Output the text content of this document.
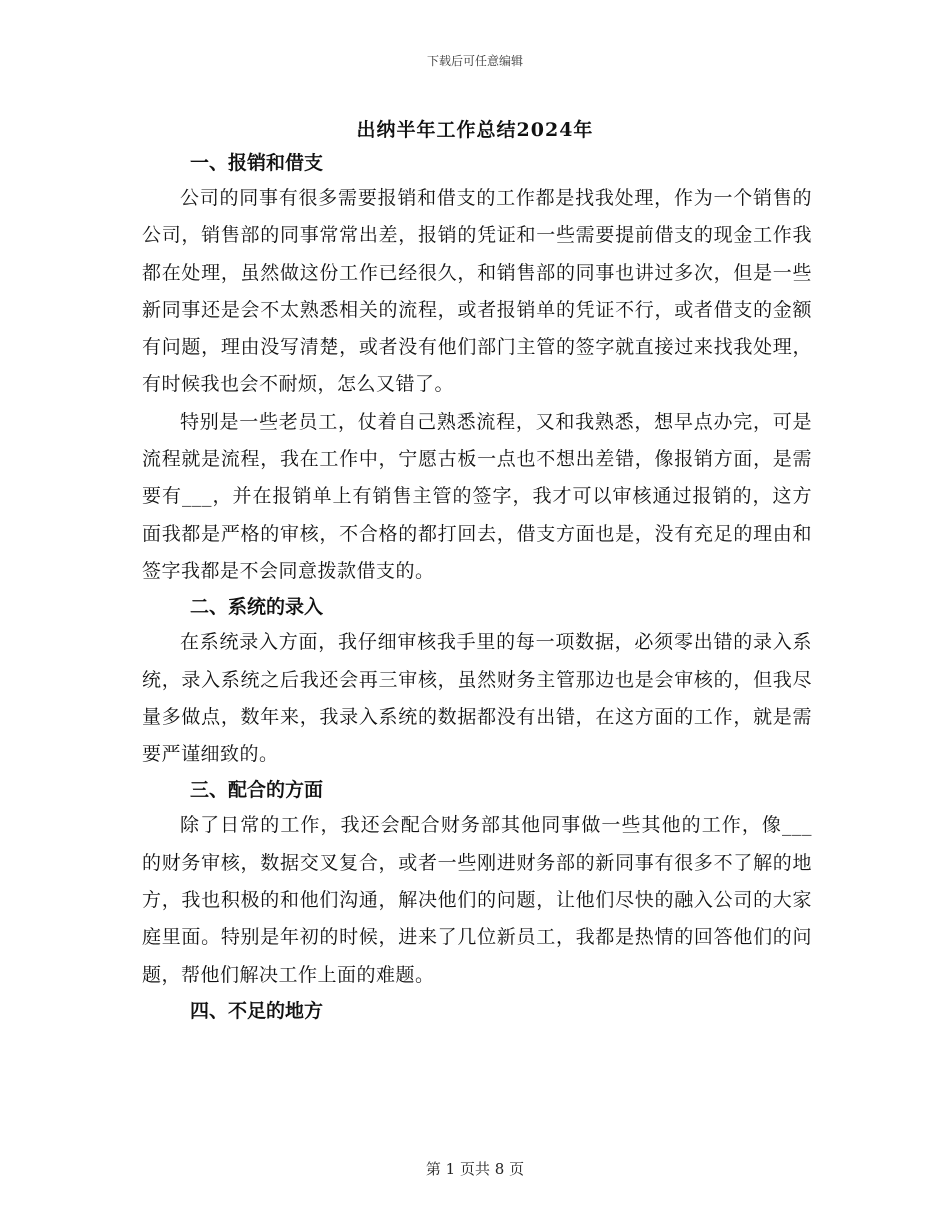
下载后可任意编辑
出纳半年工作总结2024年
一、报销和借支

公司的同事有很多需要报销和借支的工作都是找我处理，作为一个销售的公司，销售部的同事常常出差，报销的凭证和一些需要提前借支的现金工作我都在处理，虽然做这份工作已经很久，和销售部的同事也讲过多次，但是一些新同事还是会不太熟悉相关的流程，或者报销单的凭证不行，或者借支的金额有问题，理由没写清楚，或者没有他们部门主管的签字就直接过来找我处理，有时候我也会不耐烦，怎么又错了。

特别是一些老员工，仗着自己熟悉流程，又和我熟悉，想早点办完，可是流程就是流程，我在工作中，宁愿古板一点也不想出差错，像报销方面，是需要有___，并在报销单上有销售主管的签字，我才可以审核通过报销的，这方面我都是严格的审核，不合格的都打回去，借支方面也是，没有充足的理由和签字我都是不会同意拨款借支的。

二、系统的录入

在系统录入方面，我仔细审核我手里的每一项数据，必须零出错的录入系统，录入系统之后我还会再三审核，虽然财务主管那边也是会审核的，但我尽量多做点，数年来，我录入系统的数据都没有出错，在这方面的工作，就是需要严谨细致的。

三、配合的方面

除了日常的工作，我还会配合财务部其他同事做一些其他的工作，像___的财务审核，数据交叉复合，或者一些刚进财务部的新同事有很多不了解的地方，我也积极的和他们沟通，解决他们的问题，让他们尽快的融入公司的大家庭里面。特别是年初的时候，进来了几位新员工，我都是热情的回答他们的问题，帮他们解决工作上面的难题。

四、不足的地方
第 1 页共 8 页
